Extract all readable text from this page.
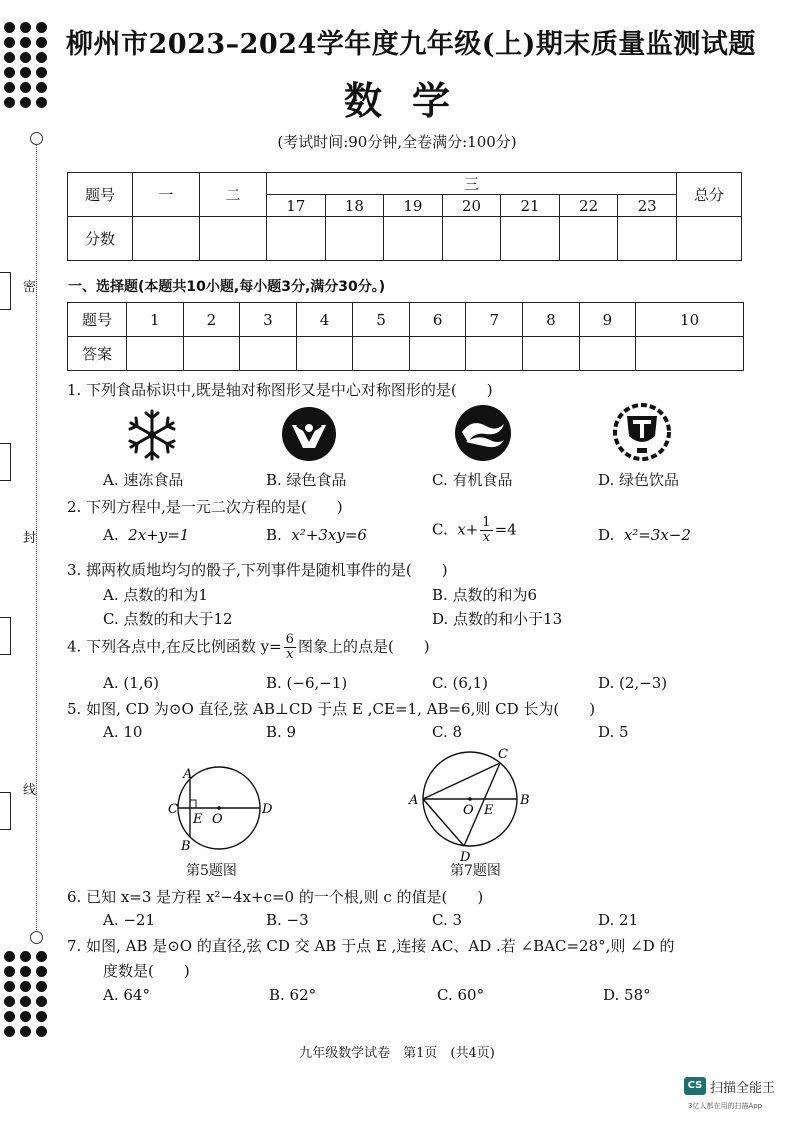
密
封
线
柳州市2023–2024学年度九年级(上)期末质量监测试题
数学
(考试时间:90分钟,全卷满分:100分)
题号	一	二	三							总分
			17	18	19	20	21	22	23	
分数										
一、选择题(本题共10小题,每小题3分,满分30分。)
题号	1	2	3	4	5	6	7	8	9	10
答案										
1. 下列食品标识中,既是轴对称图形又是中心对称图形的是(　　)
A. 速冻食品	B. 绿色食品	C. 有机食品	D. 绿色饮品
2. 下列方程中,是一元二次方程的是(　　)
A. 2x+y=1	B. x²+3xy=6	C. $x+ \frac{1}{x} =4$	D. x²=3x−2
3. 掷两枚质地均匀的骰子,下列事件是随机事件的是(　　)
A. 点数的和为1	B. 点数的和为6
C. 点数的和大于12	D. 点数的和小于13
4. 下列各点中,在反比例函数 $y= \frac{6}{x}$ 图象上的点是(　　)
A. (1,6)	B. (−6,−1)	C. (6,1)	D. (2,−3)
5. 如图, CD 为⊙O 直径,弦 AB⊥CD 于点 E ,CE=1, AB=6,则 CD 长为(　　)
A. 10	B. 9	C. 8	D. 5
A
B
C	D
E O
第5题图
A	B
C
D
E
O
第7题图
6. 已知 x=3 是方程 x²−4x+c=0 的一个根,则 c 的值是(　　)
A. −21	B. −3	C. 3	D. 21
7. 如图, AB 是⊙O 的直径,弦 CD 交 AB 于点 E ,连接 AC、AD .若 ∠BAC=28°,则 ∠D 的
度数是(　　)
A. 64°	B. 62°	C. 60°	D. 58°
九年级数学试卷　第1页　(共4页)
CS 扫描全能王
3亿人都在用的扫描App
